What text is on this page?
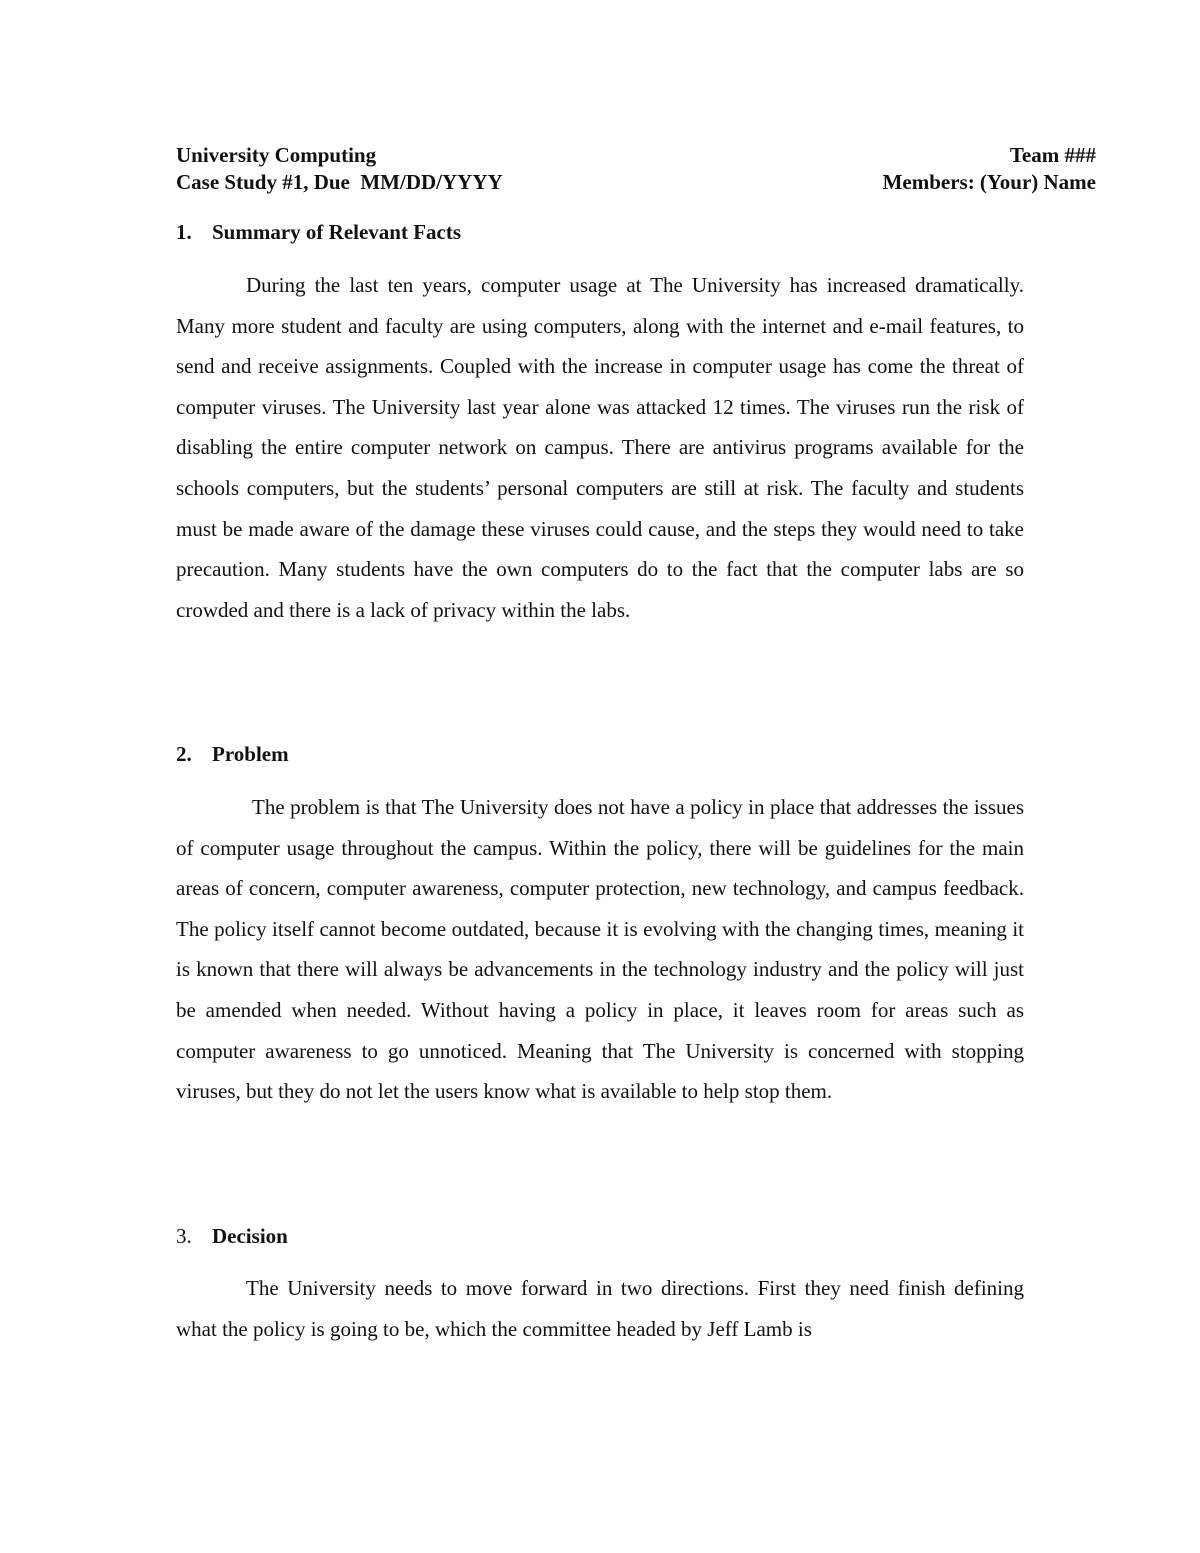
University Computing	Team ###
Case Study #1, Due  MM/DD/YYYY	Members: (Your) Name
1. Summary of Relevant Facts

During the last ten years, computer usage at The University has increased dramatically. Many more student and faculty are using computers, along with the internet and e-mail features, to send and receive assignments. Coupled with the increase in computer usage has come the threat of computer viruses. The University last year alone was attacked 12 times. The viruses run the risk of disabling the entire computer network on campus. There are antivirus programs available for the schools computers, but the students’ personal computers are still at risk. The faculty and students must be made aware of the damage these viruses could cause, and the steps they would need to take precaution. Many students have the own computers do to the fact that the computer labs are so crowded and there is a lack of privacy within the labs.

2. Problem

The problem is that The University does not have a policy in place that addresses the issues of computer usage throughout the campus. Within the policy, there will be guidelines for the main areas of concern, computer awareness, computer protection, new technology, and campus feedback. The policy itself cannot become outdated, because it is evolving with the changing times, meaning it is known that there will always be advancements in the technology industry and the policy will just be amended when needed. Without having a policy in place, it leaves room for areas such as computer awareness to go unnoticed. Meaning that The University is concerned with stopping viruses, but they do not let the users know what is available to help stop them.

3. Decision

The University needs to move forward in two directions. First they need finish defining what the policy is going to be, which the committee headed by Jeff Lamb is
